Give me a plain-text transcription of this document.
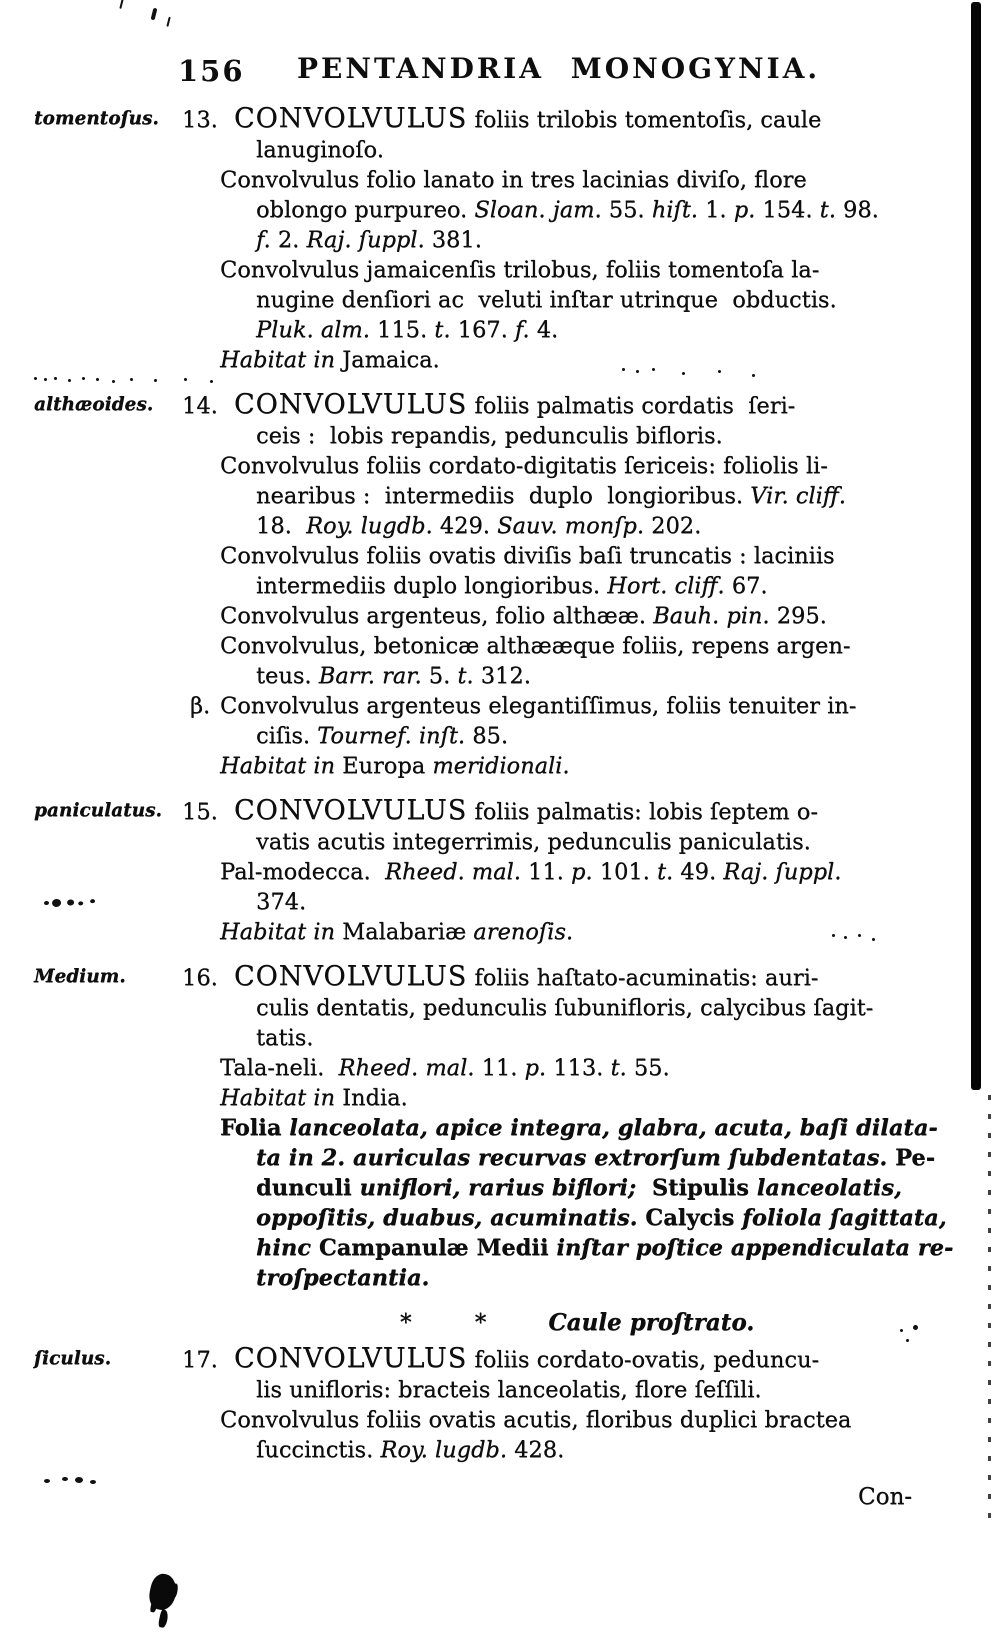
156 PENTANDRIA MONOGYNIA.
tomentoſus.	13. CONVOLVULUS foliis trilobis tomentoſis, caule
lanuginoſo.
Convolvulus folio lanato in tres lacinias diviſo, flore
oblongo purpureo. Sloan. jam. 55. hiſt. 1. p. 154. t. 98.
f. 2. Raj. ſuppl. 381.
Convolvulus jamaicenſis trilobus, foliis tomentoſa la-
nugine denſiori ac  veluti inſtar utrinque  obductis.
Pluk. alm. 115. t. 167. f. 4.
Habitat in Jamaica.
althæoides.	14. CONVOLVULUS foliis palmatis cordatis  ſeri-
ceis :  lobis repandis, pedunculis bifloris.
Convolvulus foliis cordato-digitatis ſericeis: foliolis li-
nearibus :  intermediis  duplo  longioribus. Vir. cliff.
18.  Roy. lugdb. 429. Sauv. monſp. 202.
Convolvulus foliis ovatis diviſis baſi truncatis : laciniis
intermediis duplo longioribus. Hort. cliff. 67.
Convolvulus argenteus, folio althææ. Bauh. pin. 295.
Convolvulus, betonicæ althææque foliis, repens argen-
teus. Barr. rar. 5. t. 312.
β. Convolvulus argenteus elegantiſſimus, foliis tenuiter in-
ciſis. Tournef. inſt. 85.
Habitat in Europa meridionali.
paniculatus. 15. CONVOLVULUS foliis palmatis: lobis ſeptem o-
vatis acutis integerrimis, pedunculis paniculatis.
Pal-modecca.  Rheed. mal. 11. p. 101. t. 49. Raj. ſuppl.
374.
Habitat in Malabariæ arenoſis.
Medium.	16. CONVOLVULUS foliis haſtato-acuminatis: auri-
culis dentatis, pedunculis ſubunifloris, calycibus ſagit-
tatis.
Tala-neli.  Rheed. mal. 11. p. 113. t. 55.
Habitat in India.
Folia lanceolata, apice integra, glabra, acuta, baſi dilata-
ta in 2. auriculas recurvas extrorſum ſubdentatas. Pe-
dunculi uniflori, rarius biflori;  Stipulis lanceolatis,
oppoſitis, duabus, acuminatis. Calycis foliola ſagittata,
hinc Campanulæ Medii inſtar poſtice appendiculata re-
troſpectantia.
* * Caule proſtrato.
ſiculus.	17. CONVOLVULUS foliis cordato-ovatis, peduncu-
lis unifloris: bracteis lanceolatis, flore ſeſſili.
Convolvulus foliis ovatis acutis, floribus duplici bractea
ſuccinctis. Roy. lugdb. 428.
Con-
